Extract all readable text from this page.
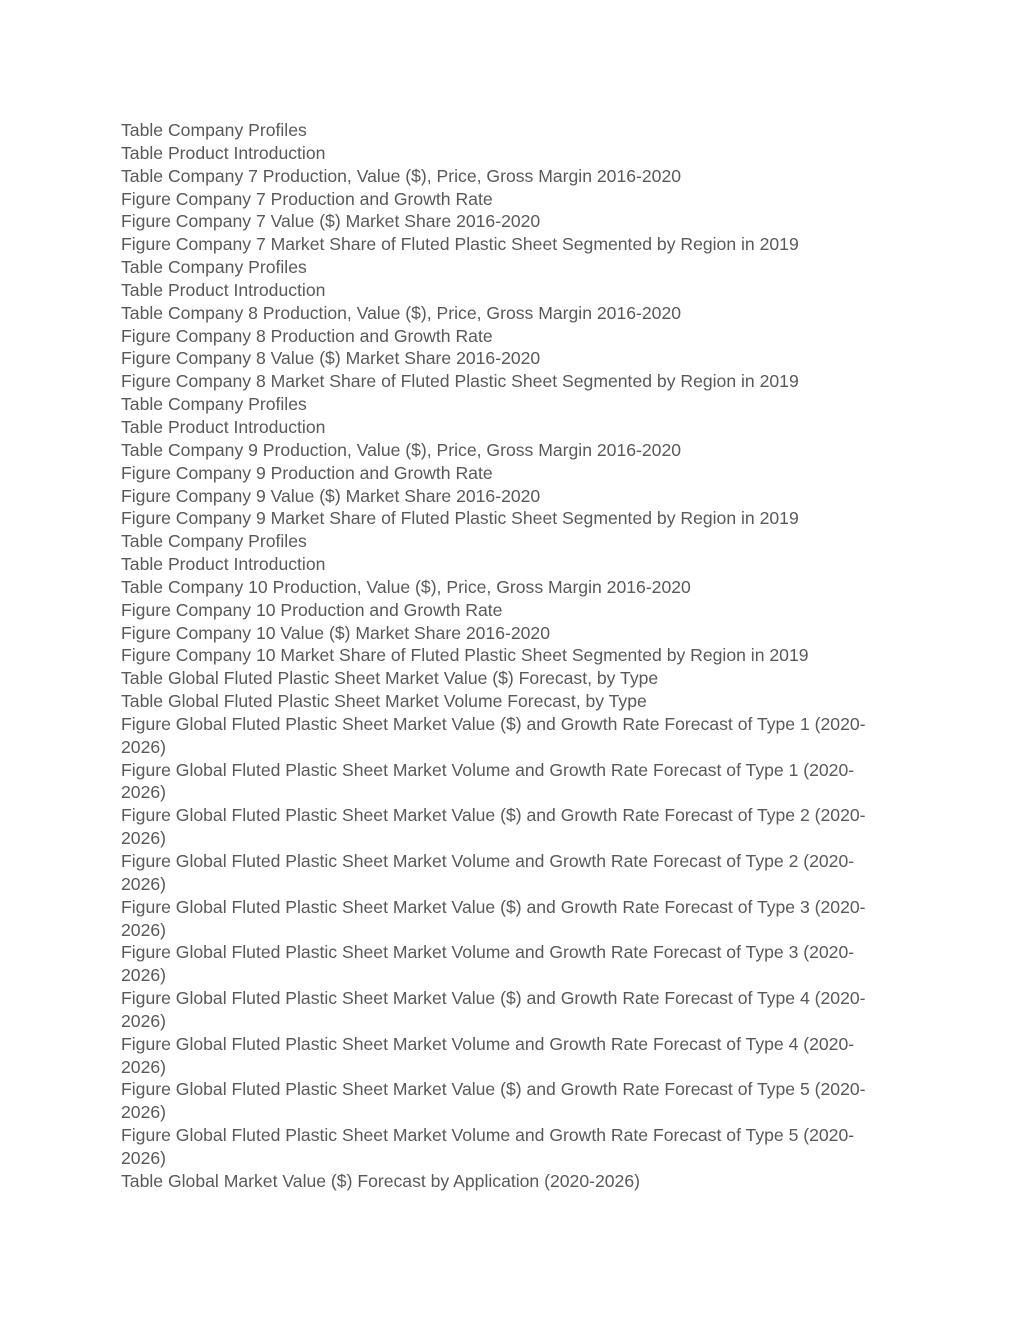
Table Company Profiles
Table Product Introduction
Table Company 7 Production, Value ($), Price, Gross Margin 2016-2020
Figure Company 7 Production and Growth Rate
Figure Company 7 Value ($) Market Share 2016-2020
Figure Company 7 Market Share of Fluted Plastic Sheet Segmented by Region in 2019
Table Company Profiles
Table Product Introduction
Table Company 8 Production, Value ($), Price, Gross Margin 2016-2020
Figure Company 8 Production and Growth Rate
Figure Company 8 Value ($) Market Share 2016-2020
Figure Company 8 Market Share of Fluted Plastic Sheet Segmented by Region in 2019
Table Company Profiles
Table Product Introduction
Table Company 9 Production, Value ($), Price, Gross Margin 2016-2020
Figure Company 9 Production and Growth Rate
Figure Company 9 Value ($) Market Share 2016-2020
Figure Company 9 Market Share of Fluted Plastic Sheet Segmented by Region in 2019
Table Company Profiles
Table Product Introduction
Table Company 10 Production, Value ($), Price, Gross Margin 2016-2020
Figure Company 10 Production and Growth Rate
Figure Company 10 Value ($) Market Share 2016-2020
Figure Company 10 Market Share of Fluted Plastic Sheet Segmented by Region in 2019
Table Global Fluted Plastic Sheet Market Value ($) Forecast, by Type
Table Global Fluted Plastic Sheet Market Volume Forecast, by Type
Figure Global Fluted Plastic Sheet Market Value ($) and Growth Rate Forecast of Type 1 (2020-
2026)
Figure Global Fluted Plastic Sheet Market Volume and Growth Rate Forecast of Type 1 (2020-
2026)
Figure Global Fluted Plastic Sheet Market Value ($) and Growth Rate Forecast of Type 2 (2020-
2026)
Figure Global Fluted Plastic Sheet Market Volume and Growth Rate Forecast of Type 2 (2020-
2026)
Figure Global Fluted Plastic Sheet Market Value ($) and Growth Rate Forecast of Type 3 (2020-
2026)
Figure Global Fluted Plastic Sheet Market Volume and Growth Rate Forecast of Type 3 (2020-
2026)
Figure Global Fluted Plastic Sheet Market Value ($) and Growth Rate Forecast of Type 4 (2020-
2026)
Figure Global Fluted Plastic Sheet Market Volume and Growth Rate Forecast of Type 4 (2020-
2026)
Figure Global Fluted Plastic Sheet Market Value ($) and Growth Rate Forecast of Type 5 (2020-
2026)
Figure Global Fluted Plastic Sheet Market Volume and Growth Rate Forecast of Type 5 (2020-
2026)
Table Global Market Value ($) Forecast by Application (2020-2026)
